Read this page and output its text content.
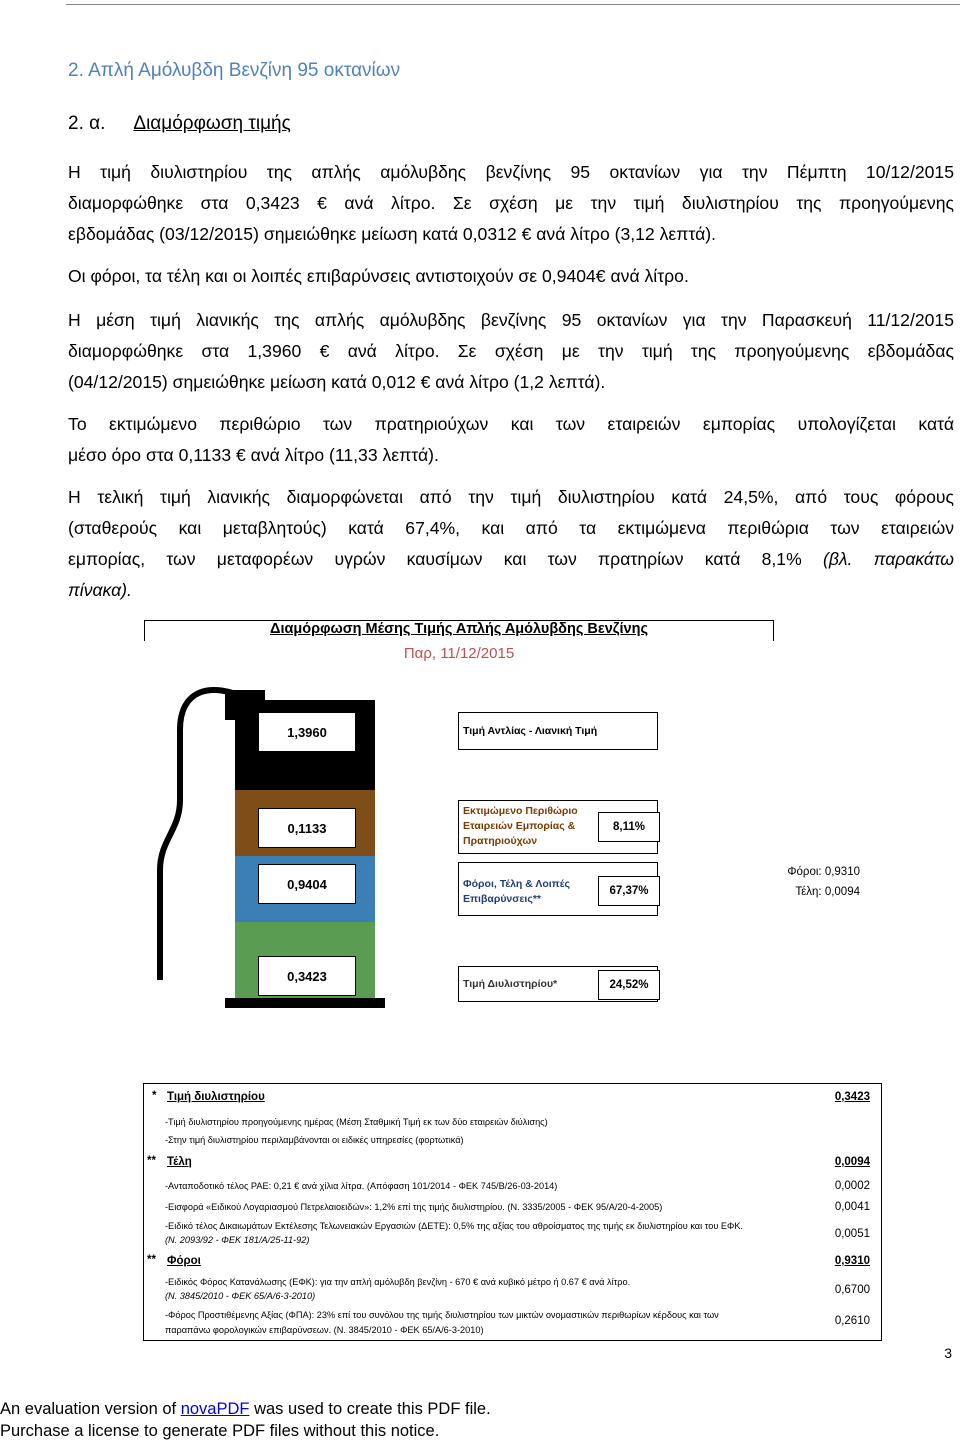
2. Απλή Αμόλυβδη Βενζίνη 95 οκτανίων
2. α. Διαμόρφωση τιμής

Η τιμή διυλιστηρίου της απλής αμόλυβδης βενζίνης 95 οκτανίων για την Πέμπτη 10/12/2015

διαμορφώθηκε στα 0,3423 € ανά λίτρο. Σε σχέση με την τιμή διυλιστηρίου της προηγούμενης

εβδομάδας (03/12/2015) σημειώθηκε μείωση κατά 0,0312 € ανά λίτρο (3,12 λεπτά).

Οι φόροι, τα τέλη και οι λοιπές επιβαρύνσεις αντιστοιχούν σε 0,9404€ ανά λίτρο.

Η μέση τιμή λιανικής της απλής αμόλυβδης βενζίνης 95 οκτανίων για την Παρασκευή 11/12/2015

διαμορφώθηκε στα 1,3960 € ανά λίτρο. Σε σχέση με την τιμή της προηγούμενης εβδομάδας

(04/12/2015) σημειώθηκε μείωση κατά 0,012 € ανά λίτρο (1,2 λεπτά).

Το εκτιμώμενο περιθώριο των πρατηριούχων και των εταιρειών εμπορίας υπολογίζεται κατά

μέσο όρο στα 0,1133 € ανά λίτρο (11,33 λεπτά).

Η τελική τιμή λιανικής διαμορφώνεται από την τιμή διυλιστηρίου κατά 24,5%, από τους φόρους

(σταθερούς και μεταβλητούς) κατά 67,4%, και από τα εκτιμώμενα περιθώρια των εταιρειών

εμπορίας, των μεταφορέων υγρών καυσίμων και των πρατηρίων κατά 8,1% (βλ. παρακάτω

πίνακα).

Διαμόρφωση Μέσης Τιμής Απλής Αμόλυβδης Βενζίνης
Παρ, 11/12/2015
1,3960	Τιμή Αντλίας - Λιανική Τιμή
0,1133
Εκτιμώμενο Περιθώριο Εταιρειών Εμπορίας & Πρατηριούχων
8,11%
0,9404	Φόροι, Τέλη & Λοιπές Επιβαρύνσεις**
67,37%
Φόροι: 0,9310
Τέλη: 0,0094
0,3423
Τιμή Διυλιστηρίου*	24,52%
* Τιμή διυλιστηρίου	0,3423
-Τιμή διυλιστηρίου προηγούμενης ημέρας (Μέση Σταθμική Τιμή εκ των δύο εταιρειών διύλισης)
-Στην τιμή διυλιστηρίου περιλαμβάνονται οι ειδικές υπηρεσίες (φορτωτικά)
** Τέλη	0,0094
-Ανταποδοτικό τέλος ΡΑΕ: 0,21 € ανά χίλια λίτρα. (Απόφαση 101/2014 - ΦΕΚ 745/Β/26-03-2014)	0,0002
-Εισφορά «Ειδικού Λογαριασμού Πετρελαιοειδών»: 1,2% επί της τιμής διυλιστηρίου. (Ν. 3335/2005 - ΦΕΚ 95/Α/20-4-2005)	0,0041
-Ειδικό τέλος Δικαιωμάτων Εκτέλεσης Τελωνειακών Εργασιών (ΔΕΤΕ): 0,5% της αξίας του αθροίσματος της τιμής εκ διυλιστηρίου και του ΕΦΚ.
(Ν. 2093/92 - ΦΕΚ 181/Α/25-11-92)	0,0051
** Φόροι	0,9310
-Ειδικός Φόρος Κατανάλωσης (ΕΦΚ): για την απλή αμόλυβδη βενζίνη - 670 € ανά κυβικό μέτρο ή 0.67 € ανά λίτρο.
(Ν. 3845/2010 - ΦΕΚ 65/Α/6-3-2010)	0,6700
-Φόρος Προστιθέμενης Αξίας (ΦΠΑ): 23% επί του συνόλου της τιμής διυλιστηρίου των μικτών ονομαστικών περιθωρίων κέρδους και των
παραπάνω φορολογικών επιβαρύνσεων. (Ν. 3845/2010 - ΦΕΚ 65/Α/6-3-2010)
0,2610
3
An evaluation version of novaPDF was used to create this PDF file.
Purchase a license to generate PDF files without this notice.
